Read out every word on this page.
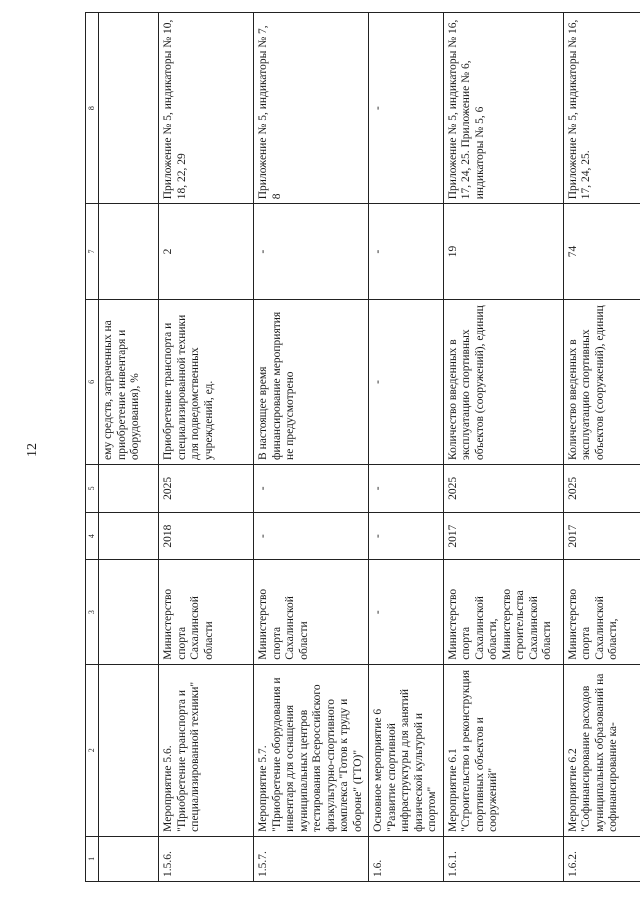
12
1	2	3	4	5	6	7	8
					ему средств, затраченных на приобретение инвентаря и оборудования), %		
1.5.6.	Мероприятие 5.6. "Приобретение транспорта и специализированной техники"	Министерство спорта Сахалинской области	2018	2025	Приобретение транспорта и специализированной техники для подведомственных учреждений, ед.	2	Приложение № 5, индикаторы № 10, 18, 22, 29
1.5.7.	Мероприятие 5.7. "Приобретение оборудования и инвентаря для оснащения муниципальных центров тестирования Всероссийского физкультурно-спортивного комплекса "Готов к труду и обороне" (ГТО)"	Министерство спорта Сахалинской области	-	-	В настоящее время финансирование мероприятия не предусмотрено	-	Приложение № 5, индикаторы № 7, 8
1.6.	Основное мероприятие 6 "Развитие спортивной инфраструктуры для занятий физической культурой и спортом"	-	-	-	-	-	-
1.6.1.	Мероприятие 6.1 "Строительство и реконструкция спортивных объектов и сооружений"	Министерство спорта Сахалинской области, Министерство строительства Сахалинской области	2017	2025	Количество введенных в эксплуатацию спортивных объектов (сооружений), единиц	19	Приложение № 5, индикаторы № 16, 17, 24, 25. Приложение № 6, индикаторы № 5, 6
1.6.2.	Мероприятие 6.2 "Софинансирование расходов муниципальных образований на софинансирование ка-	Министерство спорта Сахалинской области,	2017	2025	Количество введенных в эксплуатацию спортивных объектов (сооружений), единиц	74	Приложение № 5, индикаторы № 16, 17, 24, 25.
